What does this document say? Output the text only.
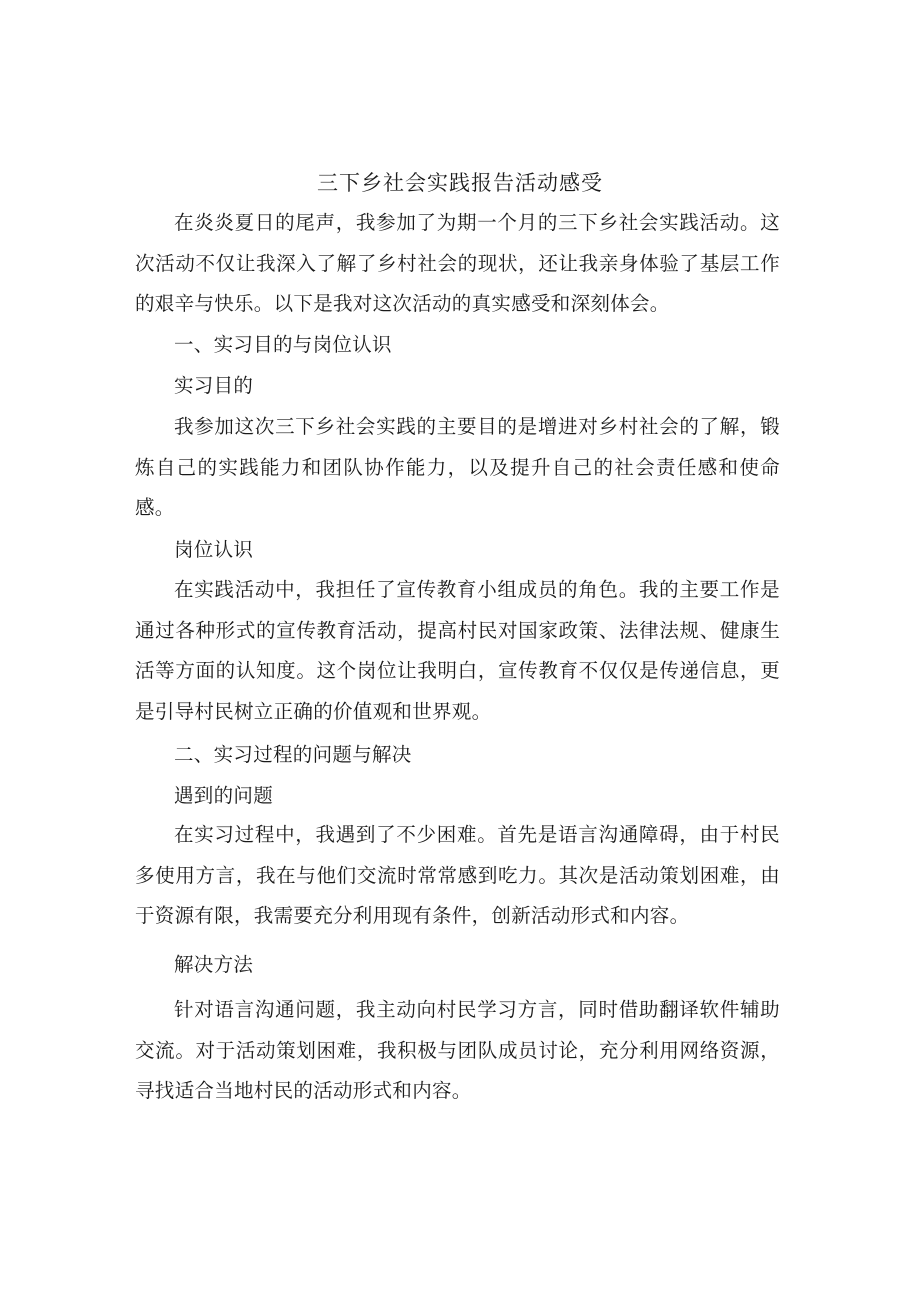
三下乡社会实践报告活动感受
在炎炎夏日的尾声，我参加了为期一个月的三下乡社会实践活动。这次活动不仅让我深入了解了乡村社会的现状，还让我亲身体验了基层工作的艰辛与快乐。以下是我对这次活动的真实感受和深刻体会。
一、实习目的与岗位认识
实习目的
我参加这次三下乡社会实践的主要目的是增进对乡村社会的了解，锻炼自己的实践能力和团队协作能力，以及提升自己的社会责任感和使命感。
岗位认识
在实践活动中，我担任了宣传教育小组成员的角色。我的主要工作是通过各种形式的宣传教育活动，提高村民对国家政策、法律法规、健康生活等方面的认知度。这个岗位让我明白，宣传教育不仅仅是传递信息，更是引导村民树立正确的价值观和世界观。
二、实习过程的问题与解决
遇到的问题
在实习过程中，我遇到了不少困难。首先是语言沟通障碍，由于村民多使用方言，我在与他们交流时常常感到吃力。其次是活动策划困难，由于资源有限，我需要充分利用现有条件，创新活动形式和内容。
解决方法
针对语言沟通问题，我主动向村民学习方言，同时借助翻译软件辅助交流。对于活动策划困难，我积极与团队成员讨论，充分利用网络资源，寻找适合当地村民的活动形式和内容。
